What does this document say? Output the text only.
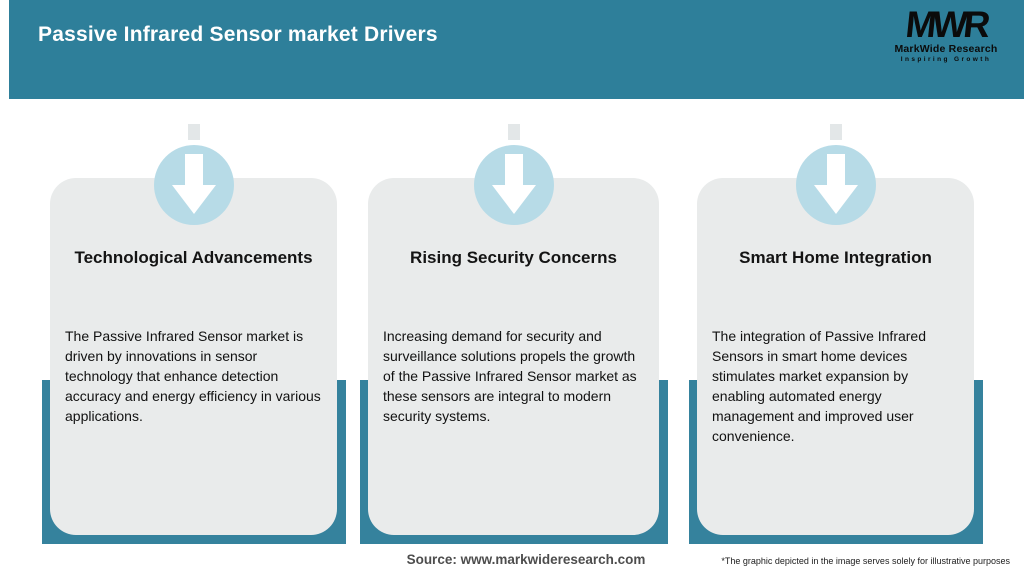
Passive Infrared Sensor market Drivers	MWR
MarkWide Research
Inspiring Growth
Technological Advancements
The Passive Infrared Sensor market is driven by innovations in sensor technology that enhance detection accuracy and energy efficiency in various applications.
Rising Security Concerns
Increasing demand for security and surveillance solutions propels the growth of the Passive Infrared Sensor market as these sensors are integral to modern security systems.
Smart Home Integration
The integration of Passive Infrared Sensors in smart home devices stimulates market expansion by enabling automated energy management and improved user convenience.
Source: www.markwideresearch.com	*The graphic depicted in the image serves solely for illustrative purposes
